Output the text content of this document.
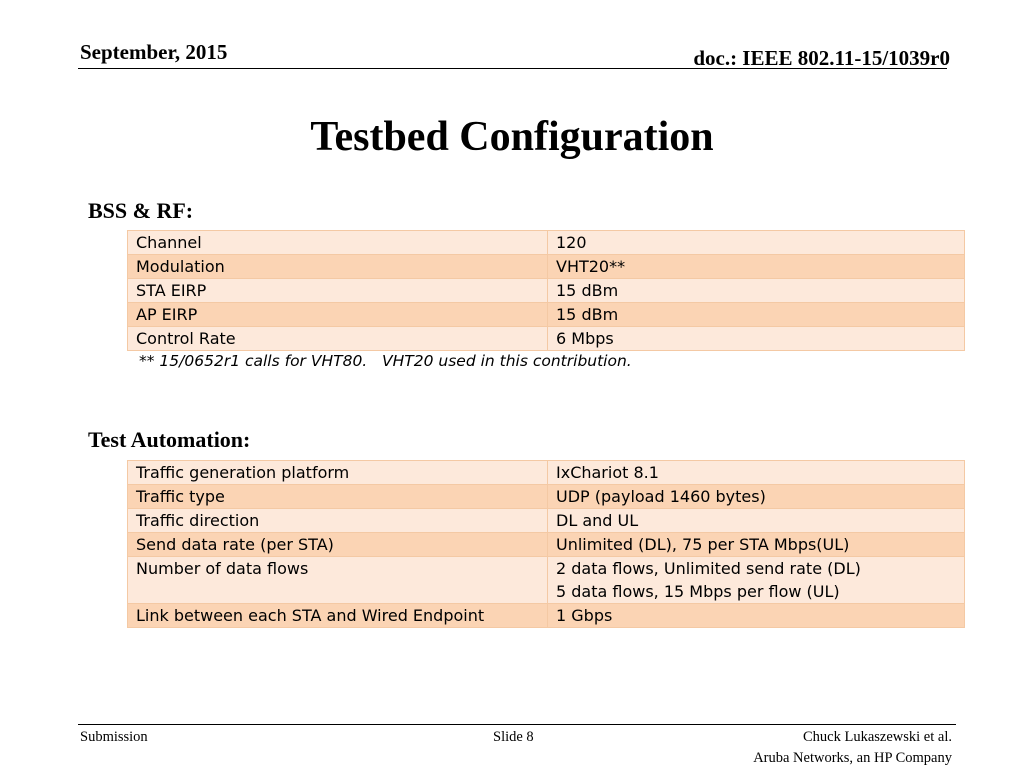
September, 2015	doc.: IEEE 802.11-15/1039r0
Testbed Configuration
BSS & RF:
Channel	120

Modulation	VHT20**

STA EIRP	15 dBm

AP EIRP	15 dBm

Control Rate	6 Mbps
** 15/0652r1 calls for VHT80.   VHT20 used in this contribution.
Test Automation:
Traffic generation platform	IxChariot 8.1

Traffic type	UDP (payload 1460 bytes)

Traffic direction	DL and UL

Send data rate (per STA)	Unlimited (DL), 75 per STA Mbps(UL)

Number of data flows	2 data flows, Unlimited send rate (DL)
5 data flows, 15 Mbps per flow (UL)

Link between each STA and Wired Endpoint	1 Gbps
Submission	Slide 8	Chuck Lukaszewski et al.
Aruba Networks, an HP Company
